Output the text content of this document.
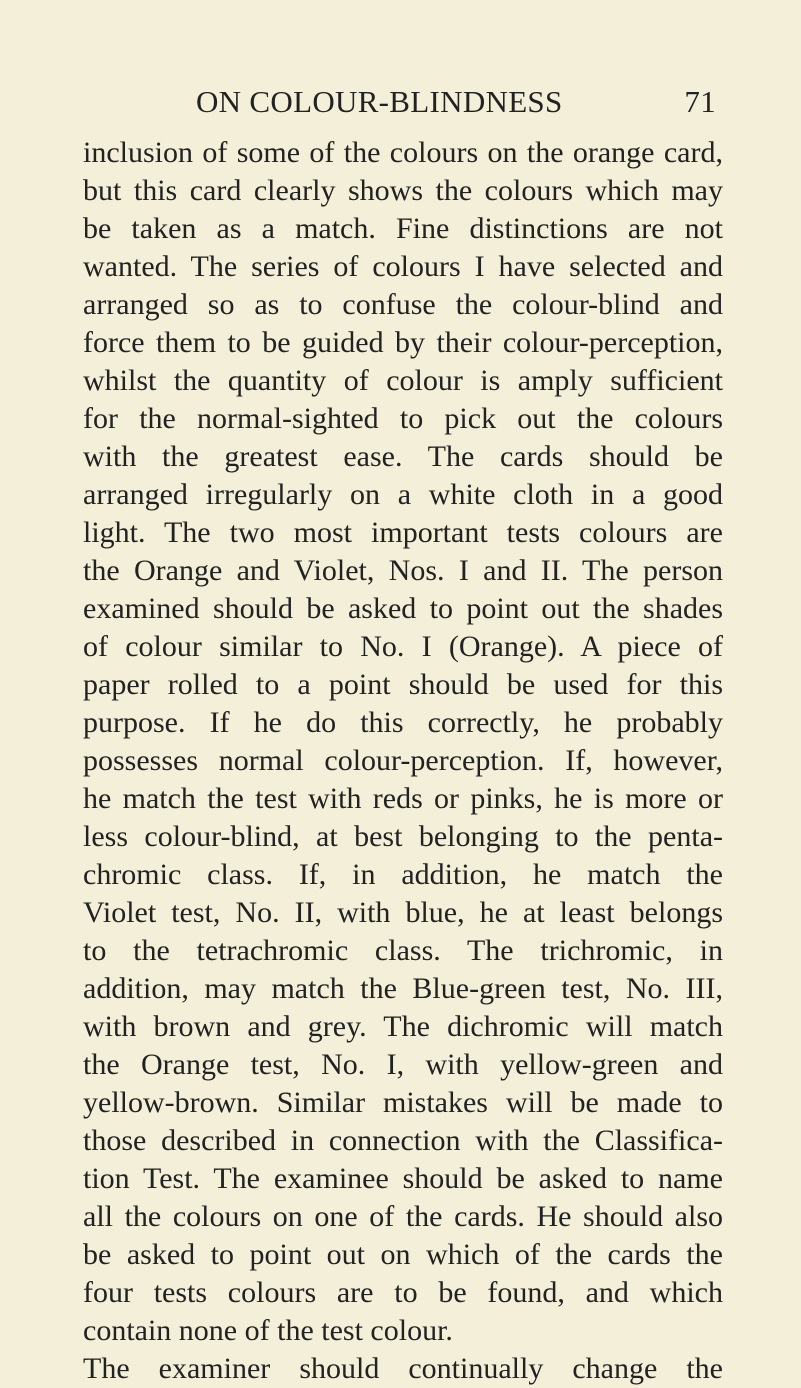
ON COLOUR-BLINDNESS	71
inclusion of some of the colours on the orange card,
but this card clearly shows the colours which may
be taken as a match. Fine distinctions are not
wanted. The series of colours I have selected and
arranged so as to confuse the colour-blind and
force them to be guided by their colour-perception,
whilst the quantity of colour is amply sufficient
for the normal-sighted to pick out the colours
with the greatest ease. The cards should be
arranged irregularly on a white cloth in a good
light. The two most important tests colours are
the Orange and Violet, Nos. I and II. The person
examined should be asked to point out the shades
of colour similar to No. I (Orange). A piece of
paper rolled to a point should be used for this
purpose. If he do this correctly, he probably
possesses normal colour-perception. If, however,
he match the test with reds or pinks, he is more or
less colour-blind, at best belonging to the penta-
chromic class. If, in addition, he match the
Violet test, No. II, with blue, he at least belongs
to the tetrachromic class. The trichromic, in
addition, may match the Blue-green test, No. III,
with brown and grey. The dichromic will match
the Orange test, No. I, with yellow-green and
yellow-brown. Similar mistakes will be made to
those described in connection with the Classifica-
tion Test. The examinee should be asked to name
all the colours on one of the cards. He should also
be asked to point out on which of the cards the
four tests colours are to be found, and which
contain none of the test colour.
The examiner should continually change the
